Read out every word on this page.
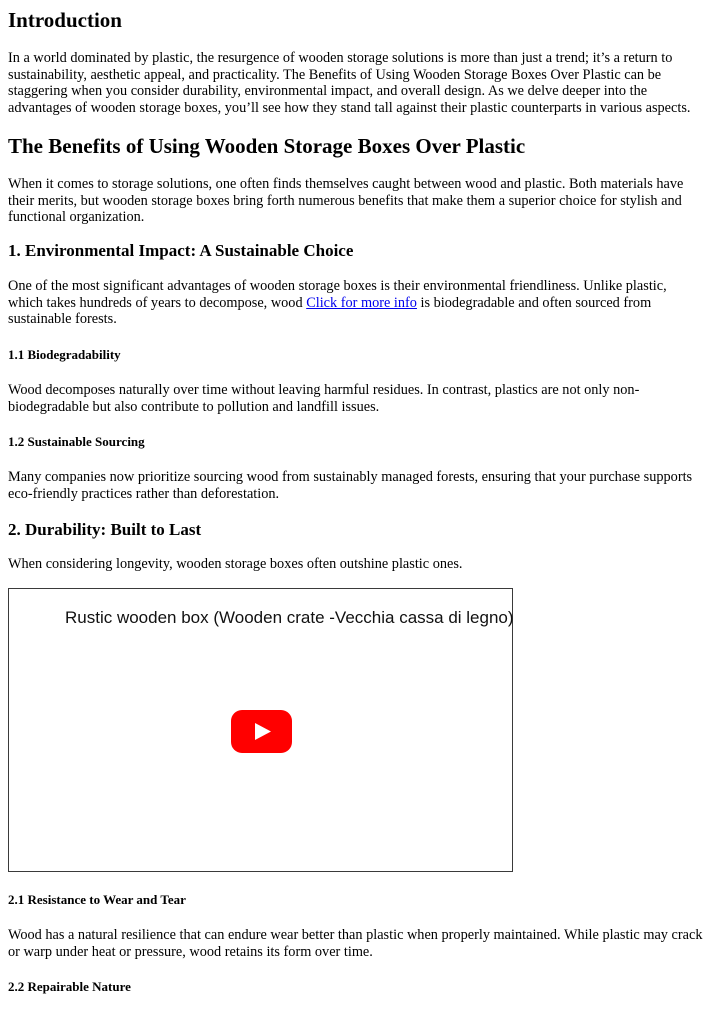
Introduction
In a world dominated by plastic, the resurgence of wooden storage solutions is more than just a trend; it’s a return to
sustainability, aesthetic appeal, and practicality. The Benefits of Using Wooden Storage Boxes Over Plastic can be
staggering when you consider durability, environmental impact, and overall design. As we delve deeper into the
advantages of wooden storage boxes, you’ll see how they stand tall against their plastic counterparts in various aspects.
The Benefits of Using Wooden Storage Boxes Over Plastic
When it comes to storage solutions, one often finds themselves caught between wood and plastic. Both materials have
their merits, but wooden storage boxes bring forth numerous benefits that make them a superior choice for stylish and
functional organization.
1. Environmental Impact: A Sustainable Choice
One of the most significant advantages of wooden storage boxes is their environmental friendliness. Unlike plastic,
which takes hundreds of years to decompose, wood Click for more info is biodegradable and often sourced from
sustainable forests.
1.1 Biodegradability
Wood decomposes naturally over time without leaving harmful residues. In contrast, plastics are not only non-
biodegradable but also contribute to pollution and landfill issues.
1.2 Sustainable Sourcing
Many companies now prioritize sourcing wood from sustainably managed forests, ensuring that your purchase supports
eco-friendly practices rather than deforestation.
2. Durability: Built to Last
When considering longevity, wooden storage boxes often outshine plastic ones.
Rustic wooden box (Wooden crate -Vecchia cassa di legno)
2.1 Resistance to Wear and Tear
Wood has a natural resilience that can endure wear better than plastic when properly maintained. While plastic may crack
or warp under heat or pressure, wood retains its form over time.
2.2 Repairable Nature
